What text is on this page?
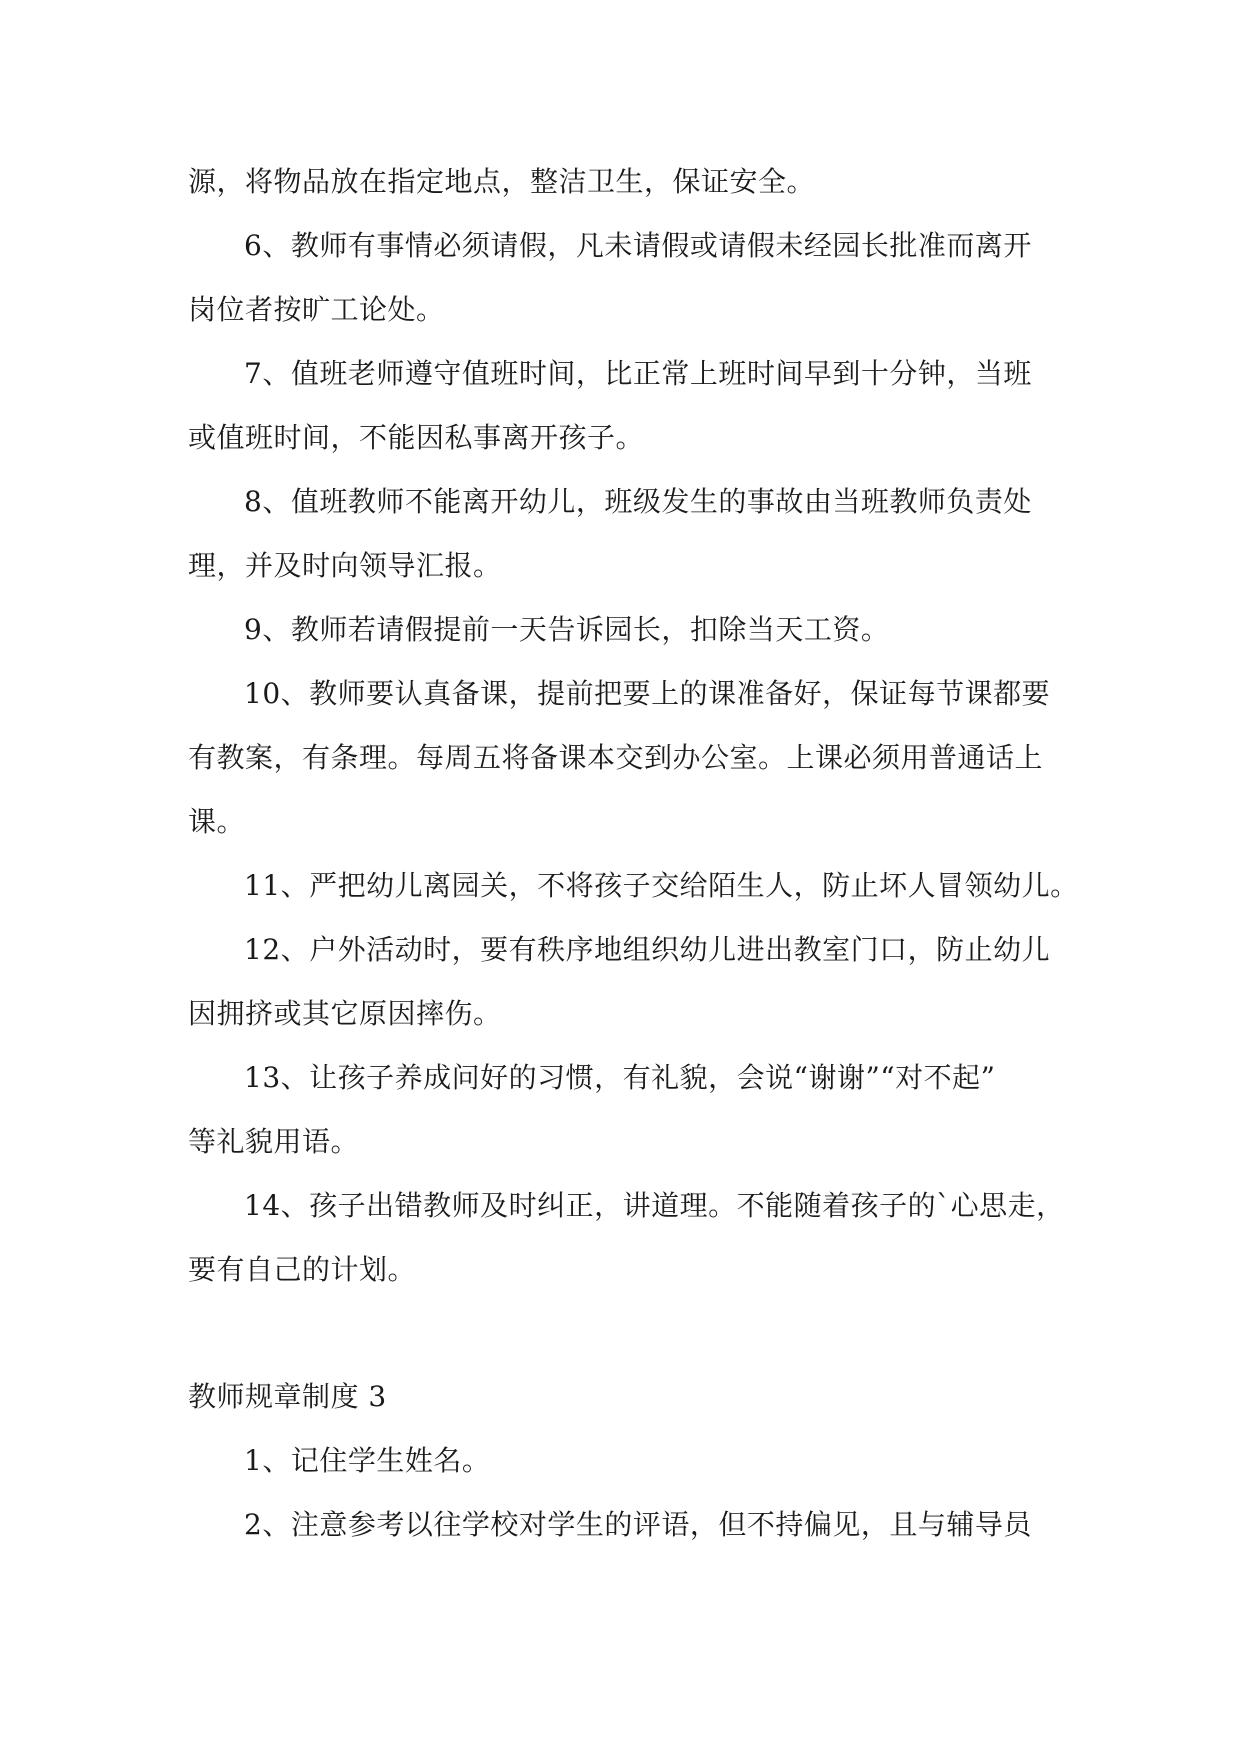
源，将物品放在指定地点，整洁卫生，保证安全。
6、教师有事情必须请假，凡未请假或请假未经园长批准而离开
岗位者按旷工论处。
7、值班老师遵守值班时间，比正常上班时间早到十分钟，当班
或值班时间，不能因私事离开孩子。
8、值班教师不能离开幼儿，班级发生的事故由当班教师负责处
理，并及时向领导汇报。
9、教师若请假提前一天告诉园长，扣除当天工资。
10、教师要认真备课，提前把要上的课准备好，保证每节课都要
有教案，有条理。每周五将备课本交到办公室。上课必须用普通话上
课。
11、严把幼儿离园关，不将孩子交给陌生人，防止坏人冒领幼儿。
12、户外活动时，要有秩序地组织幼儿进出教室门口，防止幼儿
因拥挤或其它原因摔伤。
13、让孩子养成问好的习惯，有礼貌，会说“谢谢”“对不起”
等礼貌用语。
14、孩子出错教师及时纠正，讲道理。不能随着孩子的`心思走，
要有自己的计划。
教师规章制度 3
1、记住学生姓名。
2、注意参考以往学校对学生的评语，但不持偏见，且与辅导员
